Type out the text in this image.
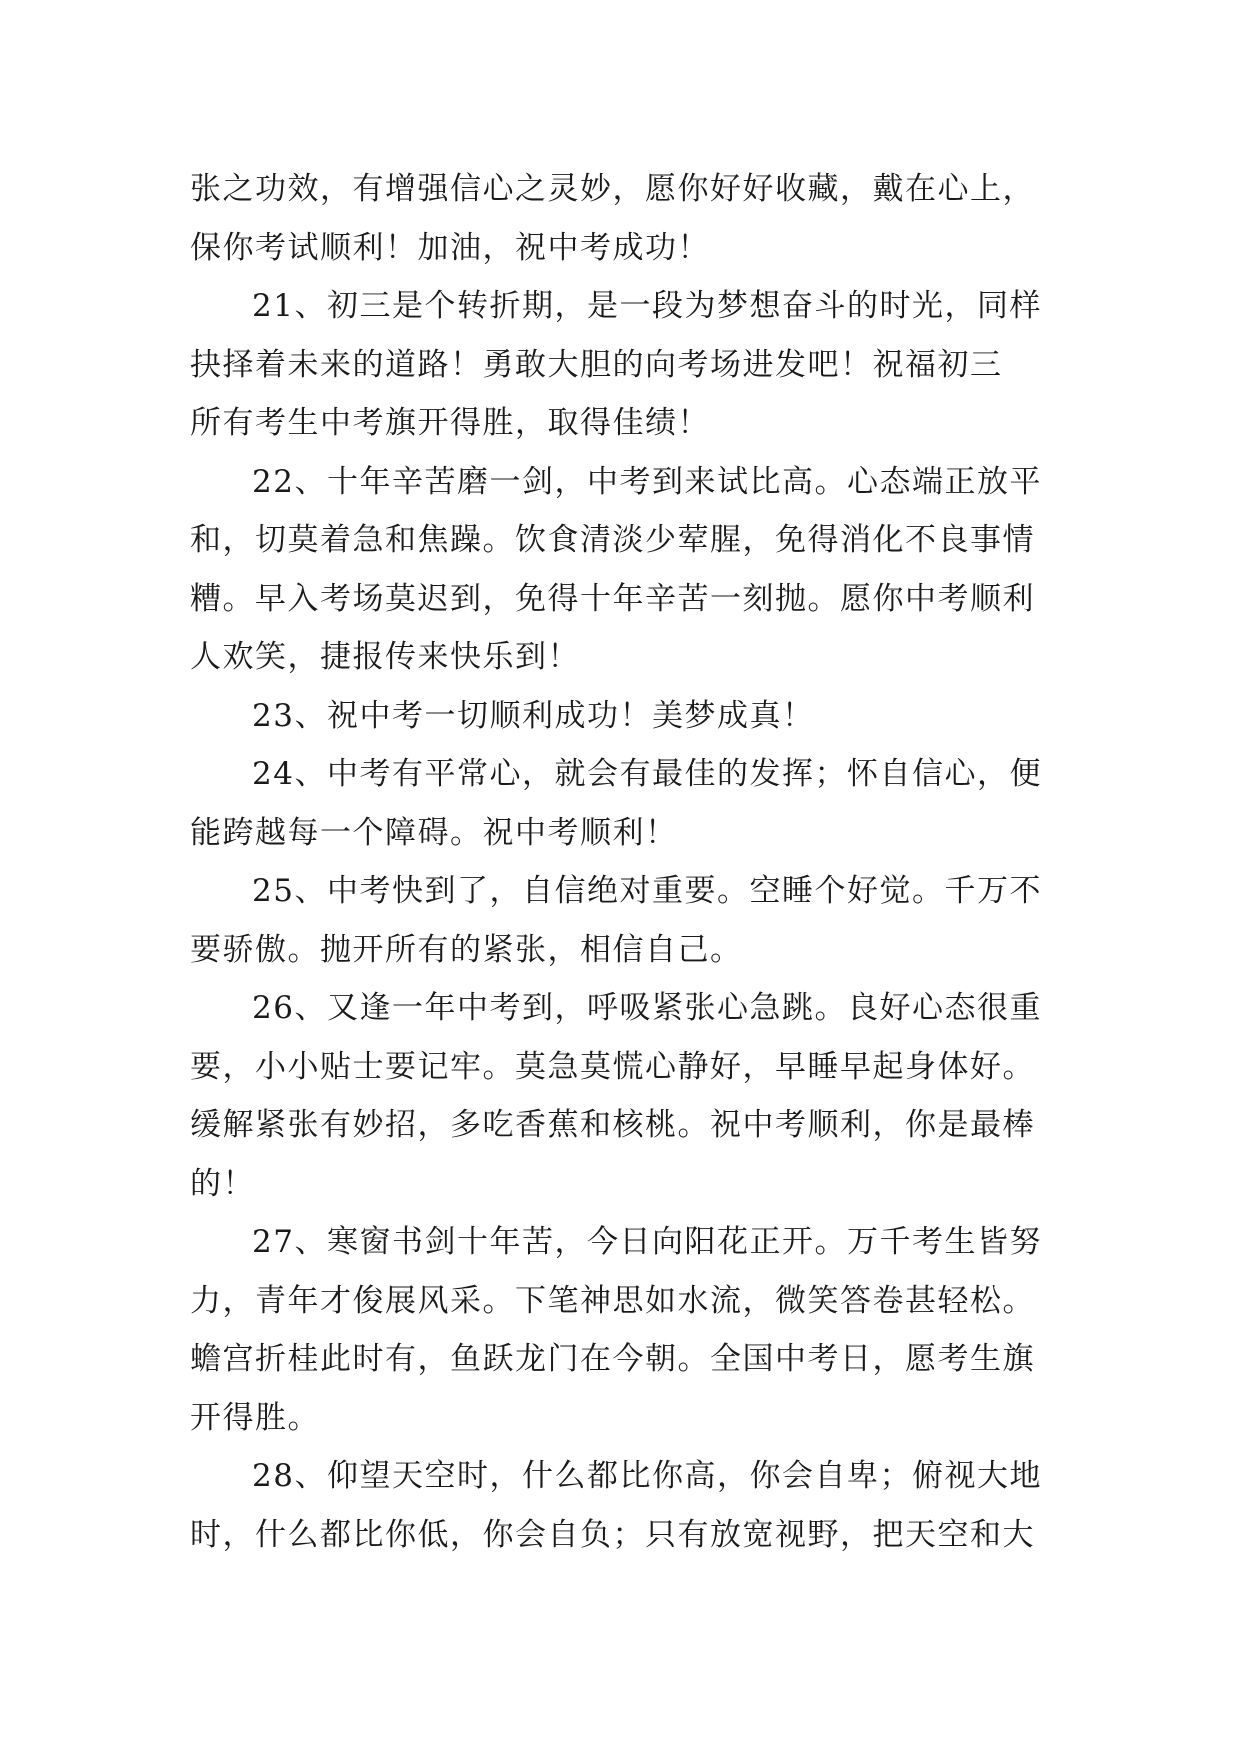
张之功效，有增强信心之灵妙，愿你好好收藏，戴在心上，
保你考试顺利！加油，祝中考成功！

21、初三是个转折期，是一段为梦想奋斗的时光，同样
抉择着未来的道路！勇敢大胆的向考场进发吧！祝福初三
所有考生中考旗开得胜，取得佳绩！

22、十年辛苦磨一剑，中考到来试比高。心态端正放平
和，切莫着急和焦躁。饮食清淡少荤腥，免得消化不良事情
糟。早入考场莫迟到，免得十年辛苦一刻抛。愿你中考顺利
人欢笑，捷报传来快乐到！

23、祝中考一切顺利成功！美梦成真！

24、中考有平常心，就会有最佳的发挥；怀自信心，便
能跨越每一个障碍。祝中考顺利！

25、中考快到了，自信绝对重要。空睡个好觉。千万不
要骄傲。抛开所有的紧张，相信自己。

26、又逢一年中考到，呼吸紧张心急跳。良好心态很重
要，小小贴士要记牢。莫急莫慌心静好，早睡早起身体好。
缓解紧张有妙招，多吃香蕉和核桃。祝中考顺利，你是最棒
的！

27、寒窗书剑十年苦，今日向阳花正开。万千考生皆努
力，青年才俊展风采。下笔神思如水流，微笑答卷甚轻松。
蟾宫折桂此时有，鱼跃龙门在今朝。全国中考日，愿考生旗
开得胜。

28、仰望天空时，什么都比你高，你会自卑；俯视大地
时，什么都比你低，你会自负；只有放宽视野，把天空和大
